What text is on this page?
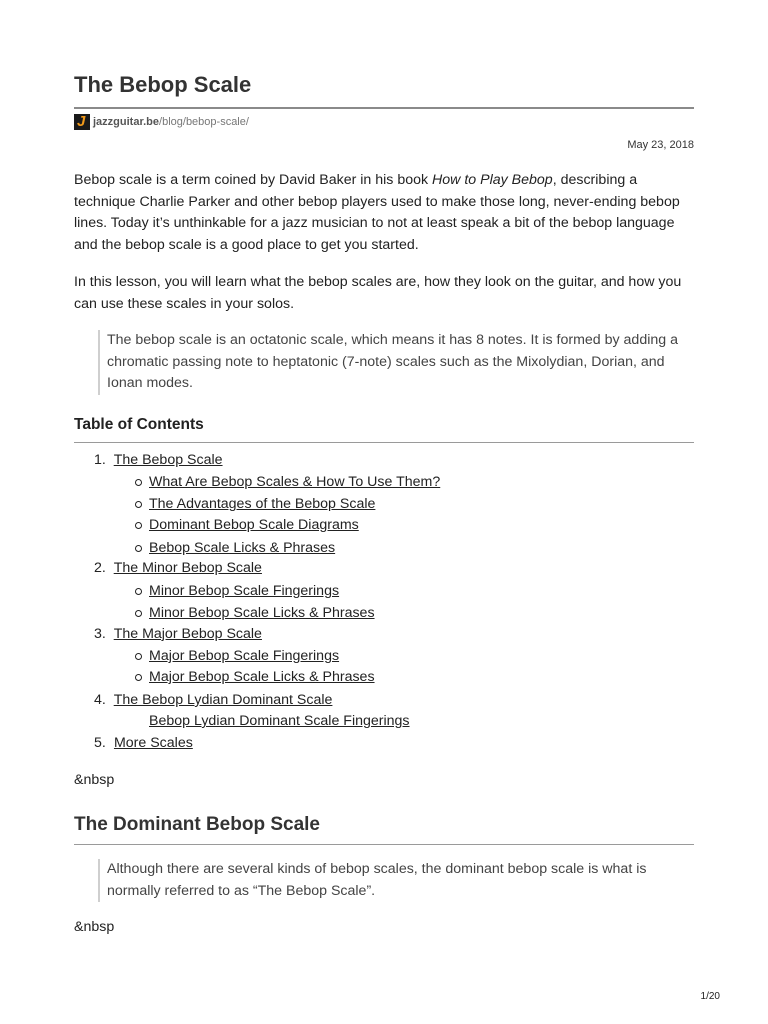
The Bebop Scale
J jazzguitar.be /blog/bebop-scale/
May 23, 2018

Bebop scale is a term coined by David Baker in his book How to Play Bebop, describing a technique Charlie Parker and other bebop players used to make those long, never-ending bebop lines. Today it’s unthinkable for a jazz musician to not at least speak a bit of the bebop language and the bebop scale is a good place to get you started.

In this lesson, you will learn what the bebop scales are, how they look on the guitar, and how you can use these scales in your solos.

The bebop scale is an octatonic scale, which means it has 8 notes. It is formed by adding a chromatic passing note to heptatonic (7-note) scales such as the Mixolydian, Dorian, and Ionan modes.
Table of Contents
1. The Bebop Scale
What Are Bebop Scales & How To Use Them?
The Advantages of the Bebop Scale
Dominant Bebop Scale Diagrams
Bebop Scale Licks & Phrases
2. The Minor Bebop Scale
Minor Bebop Scale Fingerings
Minor Bebop Scale Licks & Phrases
3. The Major Bebop Scale
Major Bebop Scale Fingerings
Major Bebop Scale Licks & Phrases
4. The Bebop Lydian Dominant Scale
Bebop Lydian Dominant Scale Fingerings
5. More Scales
&nbsp
The Dominant Bebop Scale
Although there are several kinds of bebop scales, the dominant bebop scale is what is normally referred to as “The Bebop Scale”.
&nbsp
1/20
